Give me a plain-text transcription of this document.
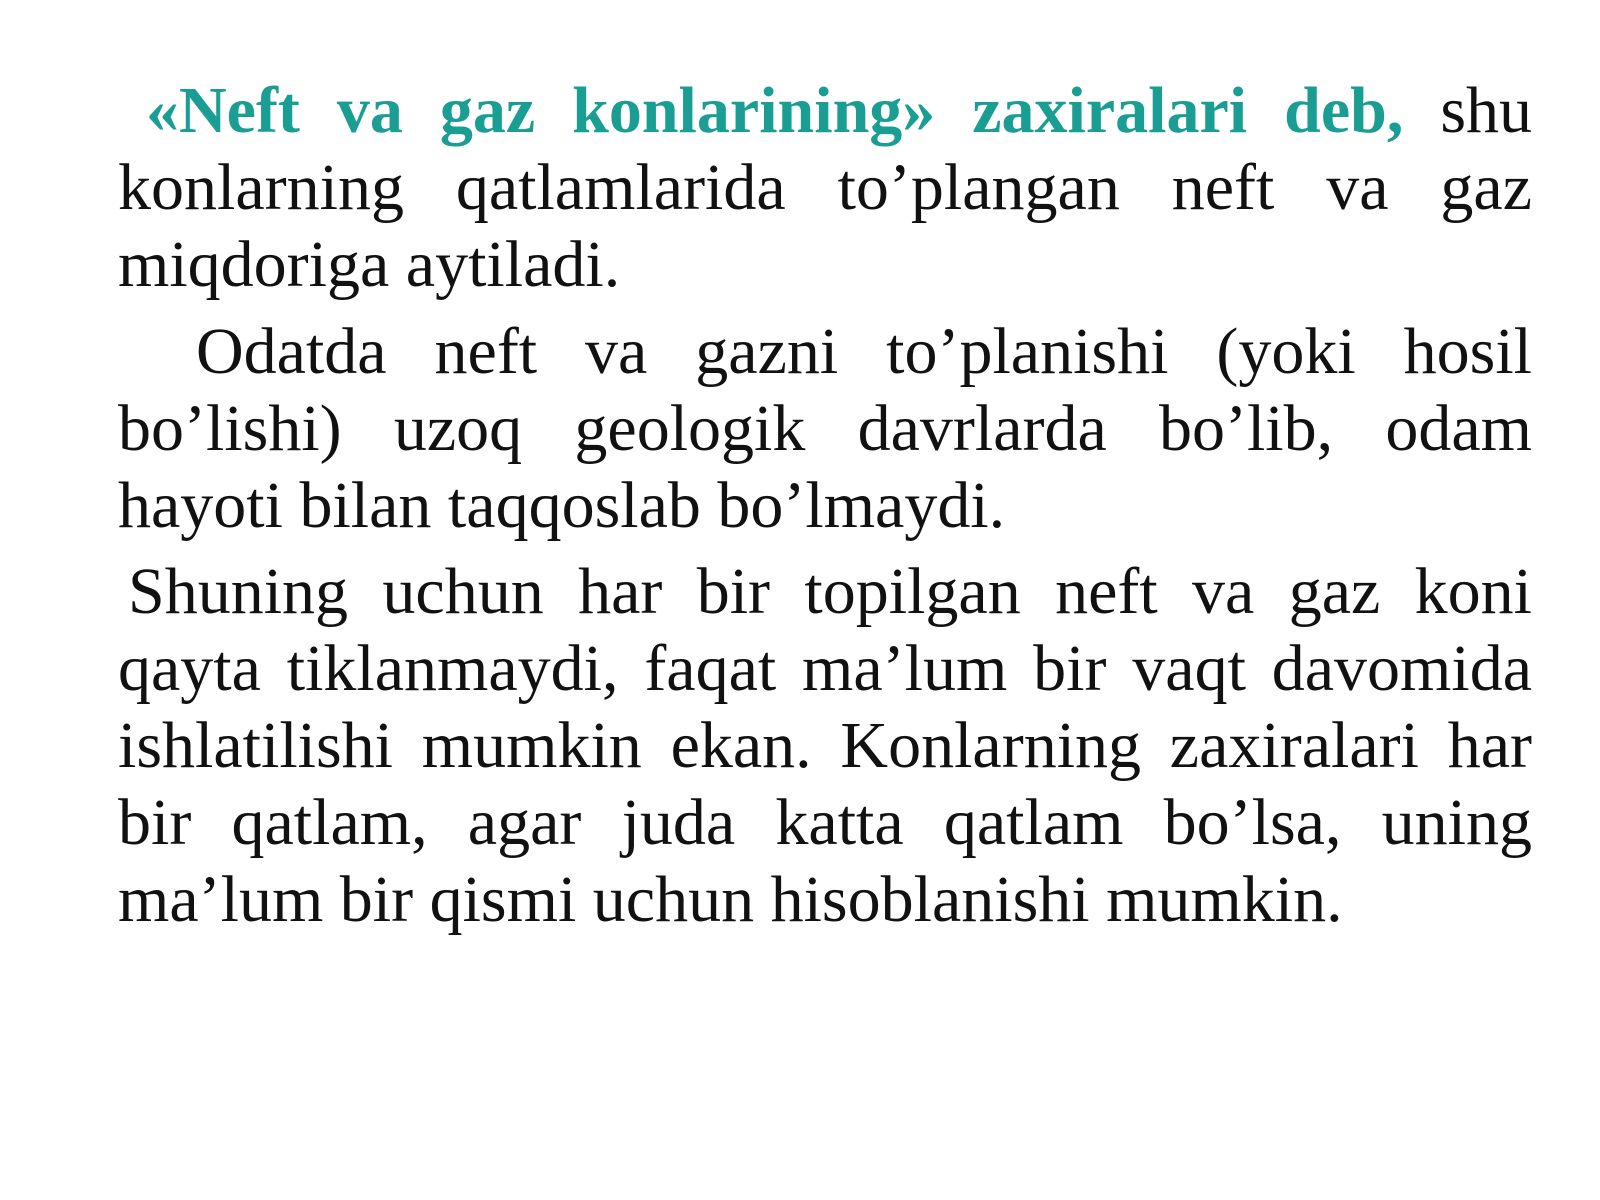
«Neft va gaz konlarining» zaxiralari deb, shu konlarning qatlamlarida to’plangan neft va gaz miqdoriga aytiladi.

Odatda neft va gazni to’planishi (yoki hosil bo’lishi) uzoq geologik davrlarda bo’lib, odam hayoti bilan taqqoslab bo’lmaydi.

Shuning uchun har bir topilgan neft va gaz koni qayta tiklanmaydi, faqat ma’lum bir vaqt davomida ishlatilishi mumkin ekan. Konlarning zaxiralari har bir qatlam, agar juda katta qatlam bo’lsa, uning ma’lum bir qismi uchun hisoblanishi mumkin.
